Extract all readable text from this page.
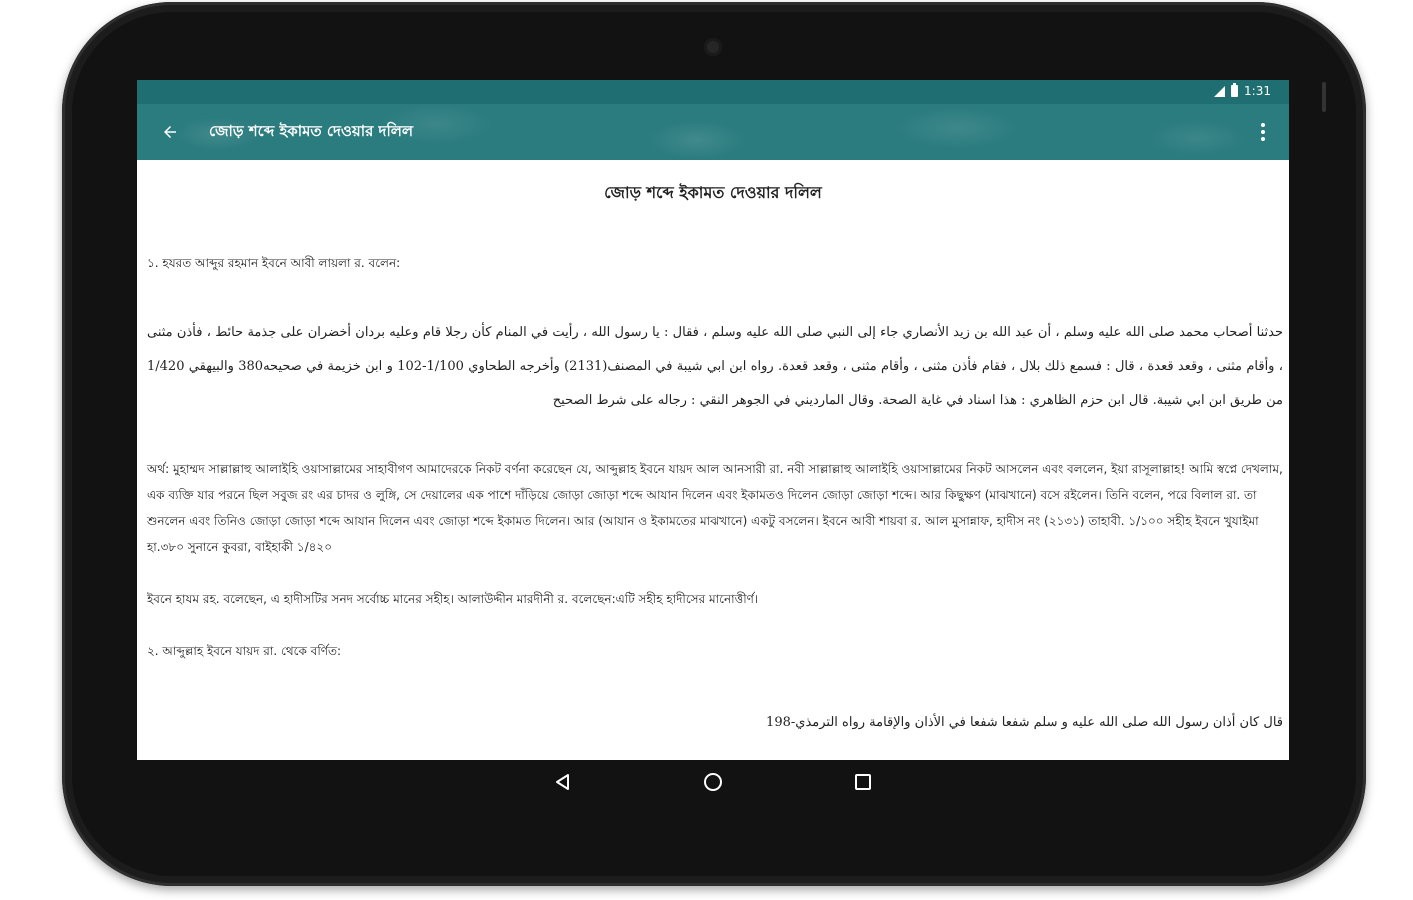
1:31
জোড় শব্দে ইকামত দেওয়ার দলিল
জোড় শব্দে ইকামত দেওয়ার দলিল
১. হযরত আব্দুর রহমান ইবনে আবী লায়লা র. বলেন:
حدثنا أصحاب محمد صلى الله عليه وسلم ، أن عبد الله بن زيد الأنصاري جاء إلى النبي صلى الله عليه وسلم ، فقال : يا رسول الله ، رأيت في المنام كأن رجلا قام وعليه بردان أخضران على جذمة حائط ، فأذن مثنى ، وأقام مثنى ، وقعد قعدة ، قال : فسمع ذلك بلال ، فقام فأذن مثنى ، وأقام مثنى ، وقعد قعدة. رواه ابن ابي شيبة في المصنف(2131) وأخرجه الطحاوي 1/100-102 و ابن خزيمة في صحيحه380 والبيهقي 1/420 من طريق ابن ابي شيبة. قال ابن حزم الظاهري : هذا اسناد في غاية الصحة. وقال المارديني في الجوهر النقي : رجاله على شرط الصحيح
অর্থ: মুহাম্মদ সাল্লাল্লাহু আলাইহি ওয়াসাল্লামের সাহাবীগণ আমাদেরকে নিকট বর্ণনা করেছেন যে, আব্দুল্লাহ ইবনে যায়দ আল আনসারী রা. নবী সাল্লাল্লাহু আলাইহি ওয়াসাল্লামের নিকট আসলেন এবং বললেন, ইয়া রাসূলাল্লাহ! আমি স্বপ্নে দেখলাম, এক ব্যক্তি যার পরনে ছিল সবুজ রং এর চাদর ও লুঙ্গি, সে দেয়ালের এক পাশে দাঁড়িয়ে জোড়া জোড়া শব্দে আযান দিলেন এবং ইকামতও দিলেন জোড়া জোড়া শব্দে। আর কিছুক্ষণ (মাঝখানে) বসে রইলেন। তিনি বলেন, পরে বিলাল রা. তা শুনলেন এবং তিনিও জোড়া জোড়া শব্দে আযান দিলেন এবং জোড়া শব্দে ইকামত দিলেন। আর (আযান ও ইকামতের মাঝখানে) একটু বসলেন। ইবনে আবী শায়বা র. আল মুসান্নাফ, হাদীস নং (২১৩১) তাহাবী. ১/১০০ সহীহ ইবনে খুযাইমা হা.৩৮০ সুনানে কুবরা, বাইহাকী ১/৪২০
ইবনে হাযম রহ. বলেছেন, এ হাদীসটির সনদ সর্বোচ্চ মানের সহীহ। আলাউদ্দীন মারদীনী র. বলেছেন:এটি সহীহ হাদীসের মানোত্তীর্ণ।
২. আব্দুল্লাহ ইবনে যায়দ রা. থেকে বর্ণিত:
قال كان أذان رسول الله صلى الله عليه و سلم شفعا شفعا في الأذان والإقامة رواه الترمذي-198
